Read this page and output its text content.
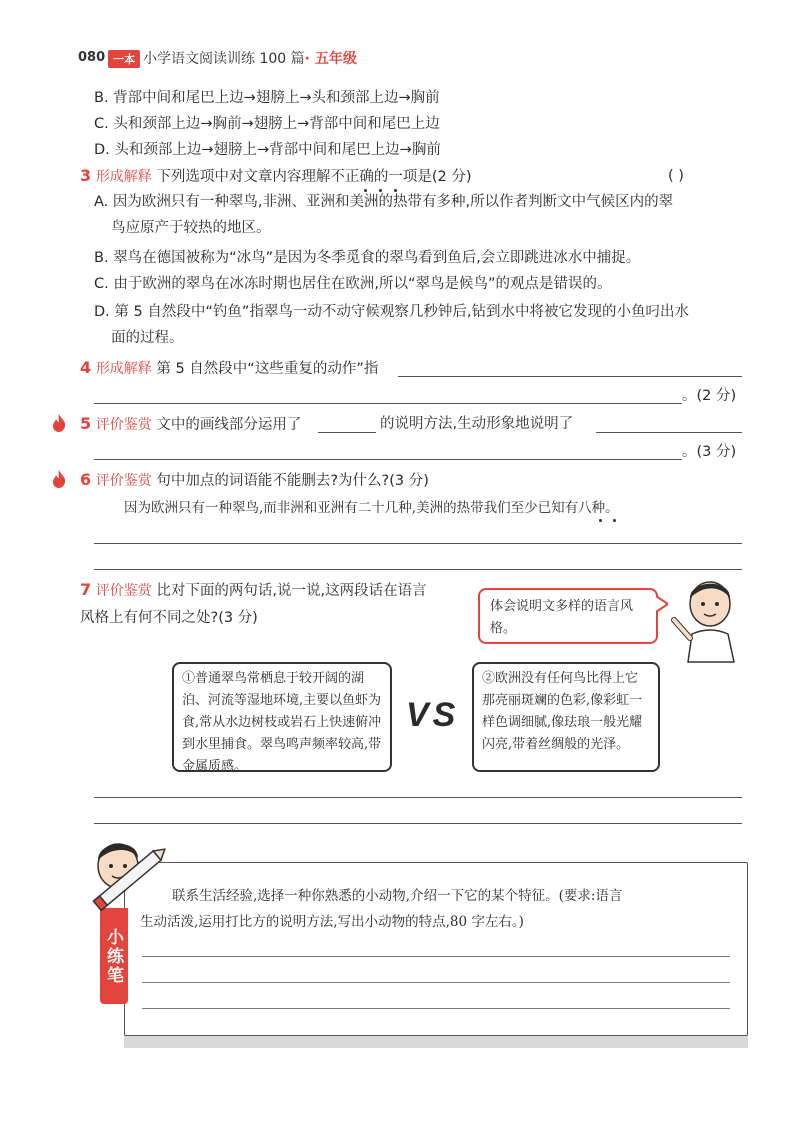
080 一本 小学语文阅读训练 100 篇· 五年级
B. 背部中间和尾巴上边→翅膀上→头和颈部上边→胸前
C. 头和颈部上边→胸前→翅膀上→背部中间和尾巴上边
D. 头和颈部上边→翅膀上→背部中间和尾巴上边→胸前
3 形成解释 下列选项中对文章内容理解不正确的一项是(2 分)	( )
A. 因为欧洲只有一种翠鸟,非洲、亚洲和美洲的热带有多种,所以作者判断文中气候区内的翠
鸟应原产于较热的地区。
B. 翠鸟在德国被称为“冰鸟”是因为冬季觅食的翠鸟看到鱼后,会立即跳进冰水中捕捉。
C. 由于欧洲的翠鸟在冰冻时期也居住在欧洲,所以“翠鸟是候鸟”的观点是错误的。
D. 第 5 自然段中“钓鱼”指翠鸟一动不动守候观察几秒钟后,钻到水中将被它发现的小鱼叼出水
面的过程。
4 形成解释 第 5 自然段中“这些重复的动作”指
。(2 分)
5 评价鉴赏 文中的画线部分运用了	的说明方法,生动形象地说明了
。(3 分)
6 评价鉴赏 句中加点的词语能不能删去?为什么?(3 分)
因为欧洲只有一种翠鸟,而非洲和亚洲有二十几种,美洲的热带我们至少已知有八种。
7 评价鉴赏 比对下面的两句话,说一说,这两段话在语言
风格上有何不同之处?(3 分)
体会说明文多样的语言风格。
①普通翠鸟常栖息于较开阔的湖泊、河流等湿地环境,主要以鱼虾为食,常从水边树枝或岩石上快速俯冲到水里捕食。翠鸟鸣声频率较高,带金属质感。
VS
②欧洲没有任何鸟比得上它那亮丽斑斓的色彩,像彩虹一样色调细腻,像珐琅一般光耀闪亮,带着丝绸般的光泽。
小练笔
联系生活经验,选择一种你熟悉的小动物,介绍一下它的某个特征。(要求:语言
生动活泼,运用打比方的说明方法,写出小动物的特点,80 字左右。)
